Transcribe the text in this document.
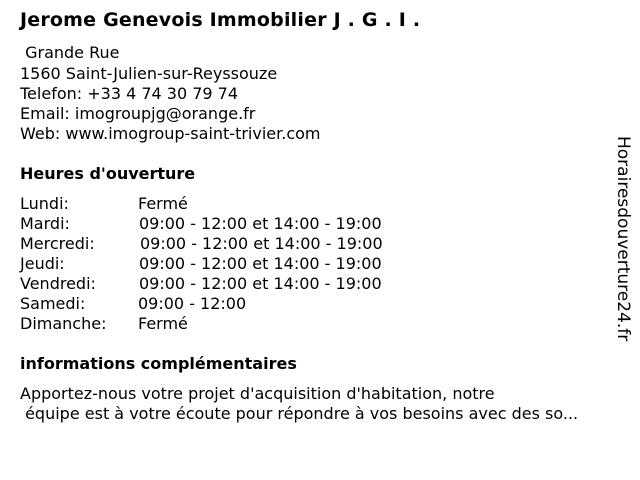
Jerome Genevois Immobilier J . G . I .
Grande Rue
1560 Saint-Julien-sur-Reyssouze
Telefon: +33 4 74 30 79 74
Email: imogroupjg@orange.fr
Web: www.imogroup-saint-trivier.com
Heures d'ouverture

Lundi:

	Fermé

Mardi:

	09:00 - 12:00 et 14:00 - 19:00

Mercredi:

	09:00 - 12:00 et 14:00 - 19:00

Jeudi:

	09:00 - 12:00 et 14:00 - 19:00

Vendredi:

	09:00 - 12:00 et 14:00 - 19:00

Samedi:

	09:00 - 12:00

Dimanche:

Fermé

informations complémentaires
Apportez-nous votre projet d'acquisition d'habitation, notre
équipe est à votre écoute pour répondre à vos besoins avec des so...
Horairesdouverture24.fr
